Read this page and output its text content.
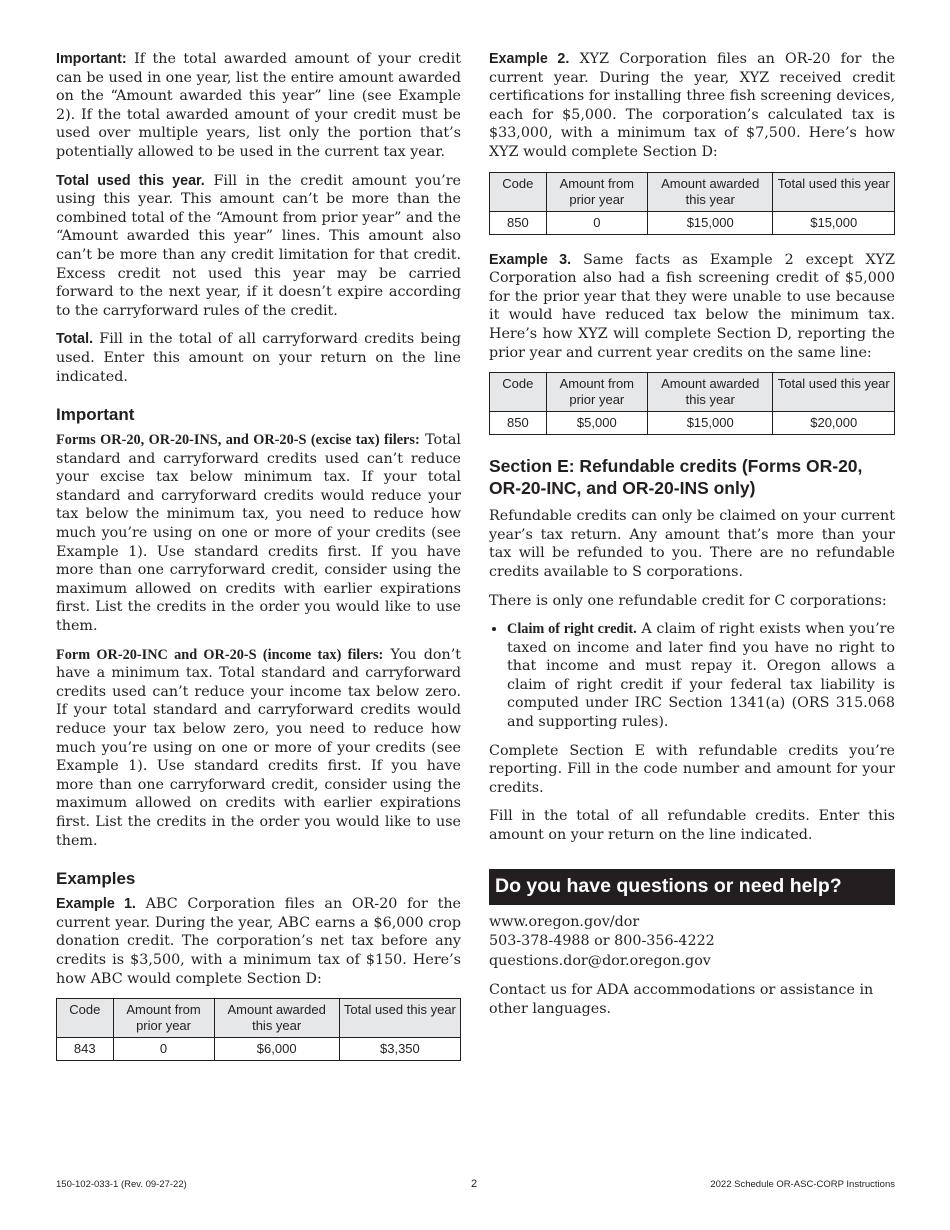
Important: If the total awarded amount of your credit can be used in one year, list the entire amount awarded on the “Amount awarded this year” line (see Example 2). If the total awarded amount of your credit must be used over multiple years, list only the portion that’s potentially allowed to be used in the current tax year.

Total used this year. Fill in the credit amount you’re using this year. This amount can’t be more than the combined total of the “Amount from prior year” and the “Amount awarded this year” lines. This amount also can’t be more than any credit limitation for that credit. Excess credit not used this year may be carried forward to the next year, if it doesn’t expire according to the carryforward rules of the credit.

Total. Fill in the total of all carryforward credits being used. Enter this amount on your return on the line indicated.

Important

Forms OR-20, OR-20-INS, and OR-20-S (excise tax) filers: Total standard and carryforward credits used can’t reduce your excise tax below minimum tax. If your total standard and carryforward credits would reduce your tax below the minimum tax, you need to reduce how much you’re using on one or more of your credits (see Example 1). Use standard credits first. If you have more than one carryforward credit, consider using the maximum allowed on credits with earlier expirations first. List the credits in the order you would like to use them.

Form OR-20-INC and OR-20-S (income tax) filers: You don’t have a minimum tax. Total standard and carryforward credits used can’t reduce your income tax below zero. If your total standard and carryforward credits would reduce your tax below zero, you need to reduce how much you’re using on one or more of your credits (see Example 1). Use standard credits first. If you have more than one carryforward credit, consider using the maximum allowed on credits with earlier expirations first. List the credits in the order you would like to use them.

Examples

Example 1. ABC Corporation files an OR-20 for the current year. During the year, ABC earns a $6,000 crop donation credit. The corporation’s net tax before any credits is $3,500, with a minimum tax of $150. Here’s how ABC would complete Section D:

Code	Amount from prior year	Amount awarded this year	Total used this year
843	0	$6,000	$3,350

Example 2. XYZ Corporation files an OR-20 for the current year. During the year, XYZ received credit certifications for installing three fish screening devices, each for $5,000. The corporation’s calculated tax is $33,000, with a minimum tax of $7,500. Here’s how XYZ would complete Section D:

Code	Amount from prior year	Amount awarded this year	Total used this year
850	0	$15,000	$15,000

Example 3. Same facts as Example 2 except XYZ Corporation also had a fish screening credit of $5,000 for the prior year that they were unable to use because it would have reduced tax below the minimum tax. Here’s how XYZ will complete Section D, reporting the prior year and current year credits on the same line:

Code	Amount from prior year	Amount awarded this year	Total used this year
850	$5,000	$15,000	$20,000
Section E: Refundable credits (Forms OR-20, OR-20-INC, and OR-20-INS only)

Refundable credits can only be claimed on your current year’s tax return. Any amount that’s more than your tax will be refunded to you. There are no refundable credits available to S corporations.

There is only one refundable credit for C corporations:

• Claim of right credit. A claim of right exists when you’re taxed on income and later find you have no right to that income and must repay it. Oregon allows a claim of right credit if your federal tax liability is computed under IRC Section 1341(a) (ORS 315.068 and supporting rules).

Complete Section E with refundable credits you’re reporting. Fill in the code number and amount for your credits.

Fill in the total of all refundable credits. Enter this amount on your return on the line indicated.

Do you have questions or need help?
www.oregon.gov/dor
503-378-4988 or 800-356-4222
questions.dor@dor.oregon.gov

Contact us for ADA accommodations or assistance in other languages.

150-102-033-1 (Rev. 09-27-22)	2	2022 Schedule OR-ASC-CORP Instructions
